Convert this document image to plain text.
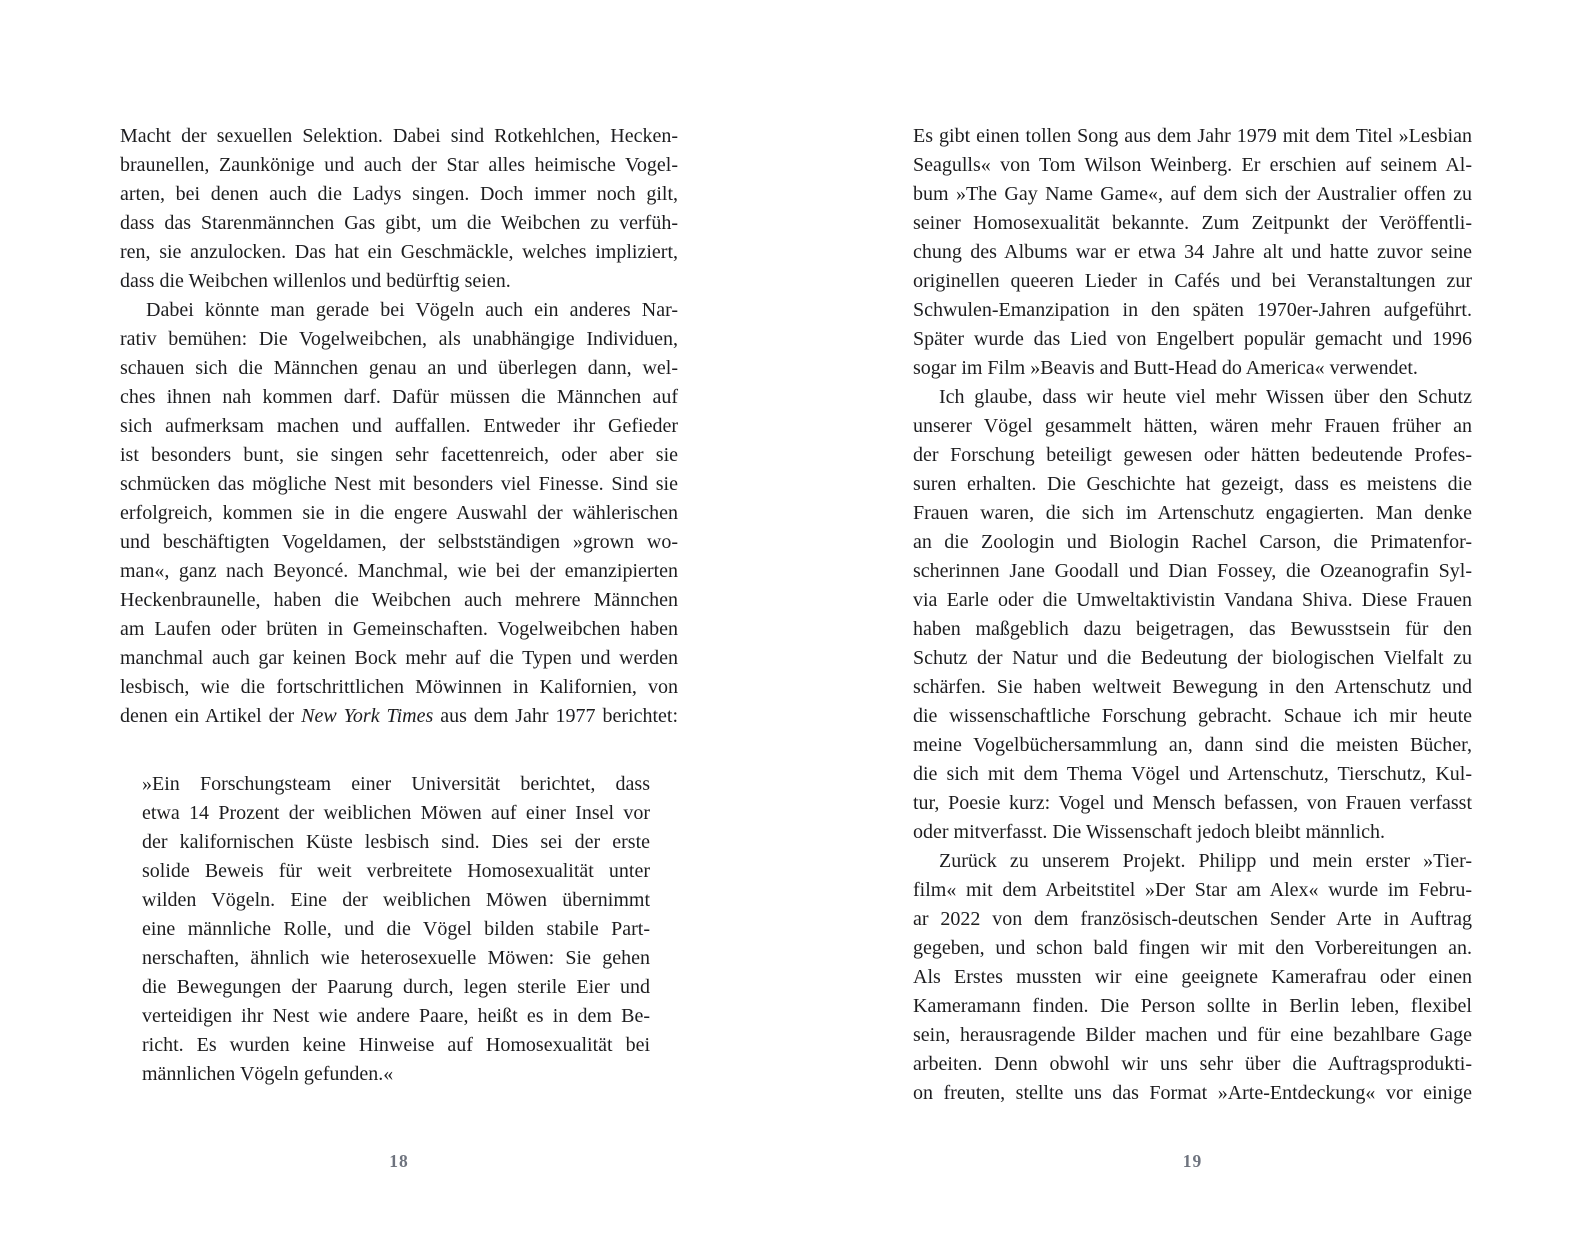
Macht der sexuellen Selektion. Dabei sind Rotkehlchen, Hecken-
braunellen, Zaunkönige und auch der Star alles heimische Vogel-
arten, bei denen auch die Ladys singen. Doch immer noch gilt,
dass das Starenmännchen Gas gibt, um die Weibchen zu verfüh-
ren, sie anzulocken. Das hat ein Geschmäckle, welches impliziert,
dass die Weibchen willenlos und bedürftig seien.
Dabei könnte man gerade bei Vögeln auch ein anderes Nar-
rativ bemühen: Die Vogelweibchen, als unabhängige Individuen,
schauen sich die Männchen genau an und überlegen dann, wel-
ches ihnen nah kommen darf. Dafür müssen die Männchen auf
sich aufmerksam machen und auffallen. Entweder ihr Gefieder
ist besonders bunt, sie singen sehr facettenreich, oder aber sie
schmücken das mögliche Nest mit besonders viel Finesse. Sind sie
erfolgreich, kommen sie in die engere Auswahl der wählerischen
und beschäftigten Vogeldamen, der selbstständigen »grown wo-
man«, ganz nach Beyoncé. Manchmal, wie bei der emanzipierten
Heckenbraunelle, haben die Weibchen auch mehrere Männchen
am Laufen oder brüten in Gemeinschaften. Vogelweibchen haben
manchmal auch gar keinen Bock mehr auf die Typen und werden
lesbisch, wie die fortschrittlichen Möwinnen in Kalifornien, von
denen ein Artikel der New York Times aus dem Jahr 1977 berichtet:
»Ein Forschungsteam einer Universität berichtet, dass
etwa 14 Prozent der weiblichen Möwen auf einer Insel vor
der kalifornischen Küste lesbisch sind. Dies sei der erste
solide Beweis für weit verbreitete Homosexualität unter
wilden Vögeln. Eine der weiblichen Möwen übernimmt
eine männliche Rolle, und die Vögel bilden stabile Part-
nerschaften, ähnlich wie heterosexuelle Möwen: Sie gehen
die Bewegungen der Paarung durch, legen sterile Eier und
verteidigen ihr Nest wie andere Paare, heißt es in dem Be-
richt. Es wurden keine Hinweise auf Homosexualität bei
männlichen Vögeln gefunden.«
Es gibt einen tollen Song aus dem Jahr 1979 mit dem Titel »Lesbian
Seagulls« von Tom Wilson Weinberg. Er erschien auf seinem Al-
bum »The Gay Name Game«, auf dem sich der Australier offen zu
seiner Homosexualität bekannte. Zum Zeitpunkt der Veröffentli-
chung des Albums war er etwa 34 Jahre alt und hatte zuvor seine
originellen queeren Lieder in Cafés und bei Veranstaltungen zur
Schwulen-Emanzipation in den späten 1970er-Jahren aufgeführt.
Später wurde das Lied von Engelbert populär gemacht und 1996
sogar im Film »Beavis and Butt-Head do America« verwendet.
Ich glaube, dass wir heute viel mehr Wissen über den Schutz
unserer Vögel gesammelt hätten, wären mehr Frauen früher an
der Forschung beteiligt gewesen oder hätten bedeutende Profes-
suren erhalten. Die Geschichte hat gezeigt, dass es meistens die
Frauen waren, die sich im Artenschutz engagierten. Man denke
an die Zoologin und Biologin Rachel Carson, die Primatenfor-
scherinnen Jane Goodall und Dian Fossey, die Ozeanografin Syl-
via Earle oder die Umweltaktivistin Vandana Shiva. Diese Frauen
haben maßgeblich dazu beigetragen, das Bewusstsein für den
Schutz der Natur und die Bedeutung der biologischen Vielfalt zu
schärfen. Sie haben weltweit Bewegung in den Artenschutz und
die wissenschaftliche Forschung gebracht. Schaue ich mir heute
meine Vogelbüchersammlung an, dann sind die meisten Bücher,
die sich mit dem Thema Vögel und Artenschutz, Tierschutz, Kul-
tur, Poesie kurz: Vogel und Mensch befassen, von Frauen verfasst
oder mitverfasst. Die Wissenschaft jedoch bleibt männlich.
Zurück zu unserem Projekt. Philipp und mein erster »Tier-
film« mit dem Arbeitstitel »Der Star am Alex« wurde im Febru-
ar 2022 von dem französisch-deutschen Sender Arte in Auftrag
gegeben, und schon bald fingen wir mit den Vorbereitungen an.
Als Erstes mussten wir eine geeignete Kamerafrau oder einen
Kameramann finden. Die Person sollte in Berlin leben, flexibel
sein, herausragende Bilder machen und für eine bezahlbare Gage
arbeiten. Denn obwohl wir uns sehr über die Auftragsprodukti-
on freuten, stellte uns das Format »Arte-Entdeckung« vor einige
18	19
